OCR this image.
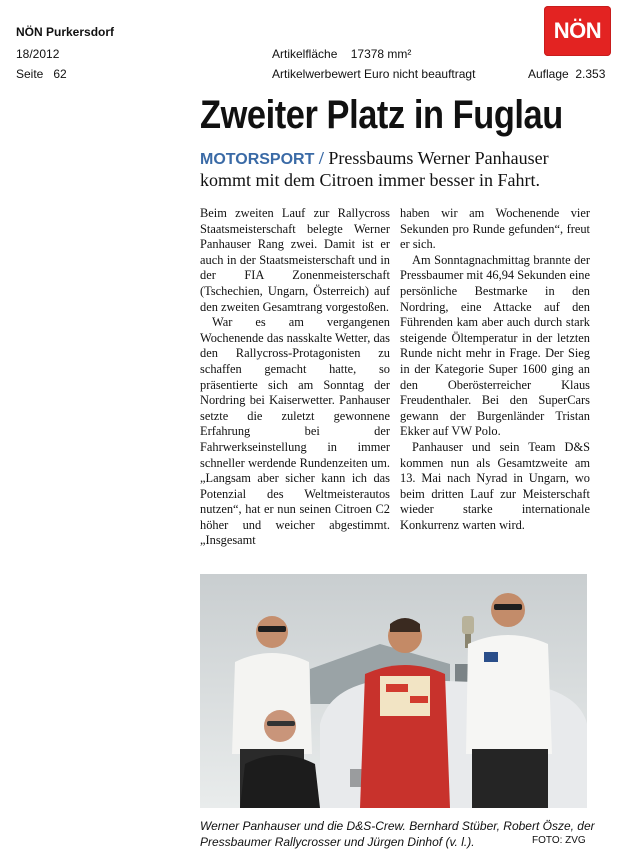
NÖN Purkersdorf
18/2012
Seite 62
Artikelfläche 17378 mm²
Artikelwerbewert Euro nicht beauftragt	Auflage 2.353
NÖN
Zweiter Platz in Fuglau
MOTORSPORT / Pressbaums Werner Panhauser kommt mit dem Citroen immer besser in Fahrt.

Beim zweiten Lauf zur Rallycross Staatsmeisterschaft belegte Werner Panhauser Rang zwei. Damit ist er auch in der Staatsmeisterschaft und in der FIA Zonenmeisterschaft (Tschechien, Ungarn, Österreich) auf den zweiten Gesamtrang vorgestoßen.

War es am vergangenen Wochenende das nasskalte Wetter, das den Rallycross-Protagonisten zu schaffen gemacht hatte, so präsentierte sich am Sonntag der Nordring bei Kaiserwetter. Panhauser setzte die zuletzt gewonnene Erfahrung bei der Fahrwerkseinstellung in immer schneller werdende Rundenzeiten um. „Langsam aber sicher kann ich das Potenzial des Weltmeisterautos nutzen“, hat er nun seinen Citroen C2 höher und weicher abgestimmt. „Insgesamt

haben wir am Wochenende vier Sekunden pro Runde gefunden“, freut er sich.

Am Sonntagnachmittag brannte der Pressbaumer mit 46,94 Sekunden eine persönliche Bestmarke in den Nordring, eine Attacke auf den Führenden kam aber auch durch stark steigende Öltemperatur in der letzten Runde nicht mehr in Frage. Der Sieg in der Kategorie Super 1600 ging an den Oberösterreicher Klaus Freudenthaler. Bei den SuperCars gewann der Burgenländer Tristan Ekker auf VW Polo.

Panhauser und sein Team D&S kommen nun als Gesamtzweite am 13. Mai nach Nyrad in Ungarn, wo beim dritten Lauf zur Meisterschaft wieder starke internationale Konkurrenz warten wird.

Werner Panhauser und die D&S-Crew. Bernhard Stüber, Robert Ösze, der Pressbaumer Rallycrosser und Jürgen Dinhof (v. l.).	FOTO: ZVG
